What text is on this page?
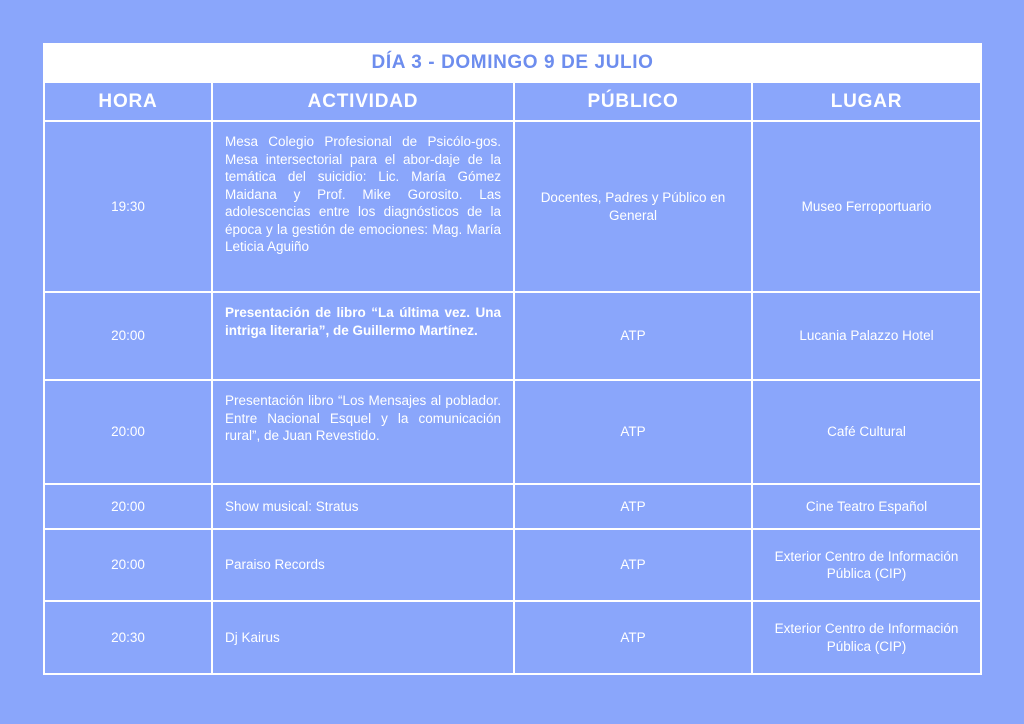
DÍA 3 - DOMINGO 9 DE JULIO			
HORA	ACTIVIDAD	PÚBLICO	LUGAR
19:30	Mesa Colegio Profesional de Psicólo-gos. Mesa intersectorial para el abor-daje de la temática del suicidio: Lic. María Gómez Maidana y Prof. Mike Gorosito. Las adolescencias entre los diagnósticos de la época y la gestión de emociones: Mag. María Leticia Aguiño	Docentes, Padres y Público en General	Museo Ferroportuario
20:00	Presentación de libro “La última vez. Una intriga literaria”, de Guillermo Martínez.	ATP	Lucania Palazzo Hotel
20:00	Presentación libro “Los Mensajes al poblador. Entre Nacional Esquel y la comunicación rural”, de Juan Revestido.	ATP	Café Cultural
20:00	Show musical: Stratus	ATP	Cine Teatro Español
20:00	Paraiso Records	ATP	Exterior Centro de Información Pública (CIP)
20:30	Dj Kairus	ATP	Exterior Centro de Información Pública (CIP)
